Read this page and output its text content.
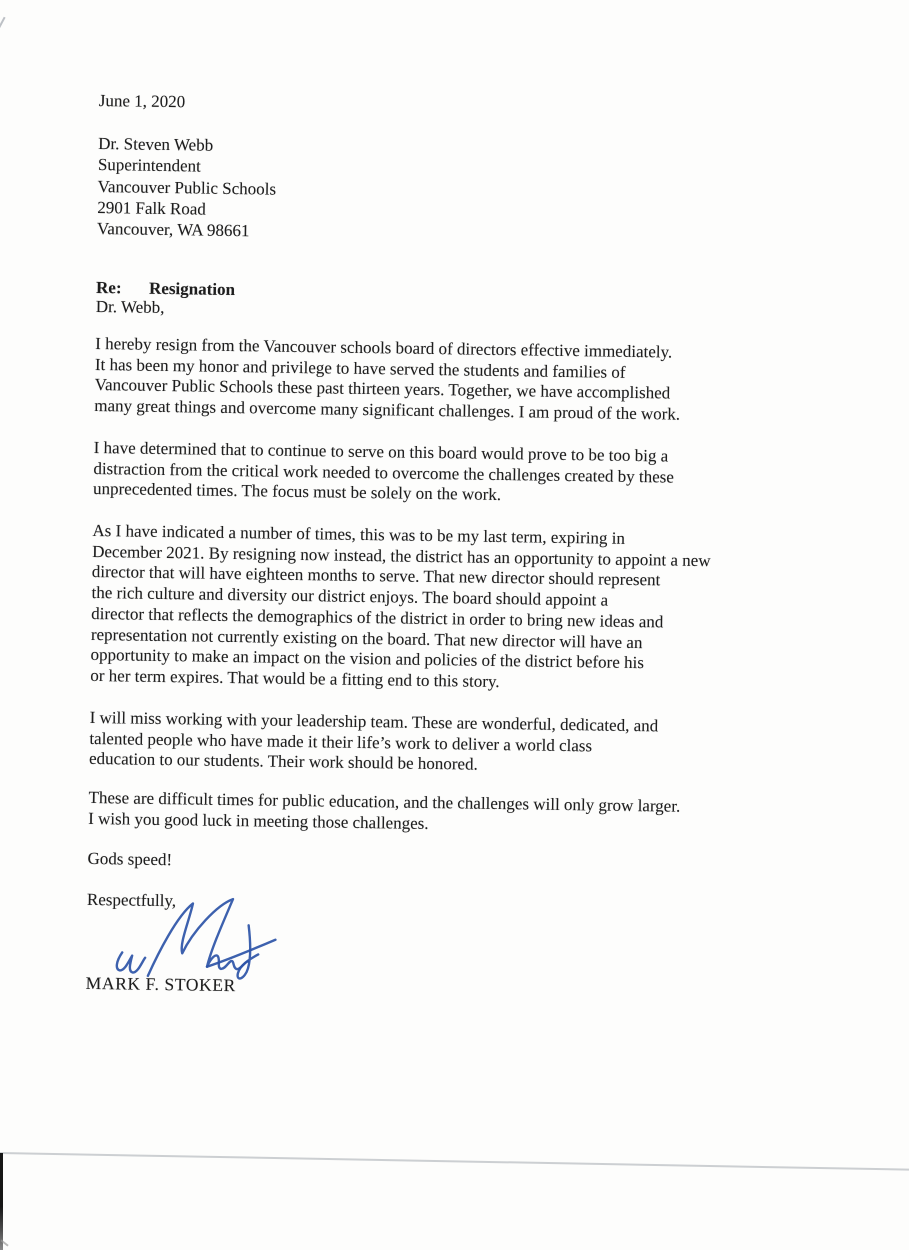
June 1, 2020
Dr. Steven Webb
Superintendent
Vancouver Public Schools
2901 Falk Road
Vancouver, WA 98661

Re: Resignation

Dr. Webb,
I hereby resign from the Vancouver schools board of directors effective immediately.
It has been my honor and privilege to have served the students and families of
Vancouver Public Schools these past thirteen years. Together, we have accomplished
many great things and overcome many significant challenges. I am proud of the work.
I have determined that to continue to serve on this board would prove to be too big a
distraction from the critical work needed to overcome the challenges created by these
unprecedented times. The focus must be solely on the work.
As I have indicated a number of times, this was to be my last term, expiring in
December 2021. By resigning now instead, the district has an opportunity to appoint a new
director that will have eighteen months to serve. That new director should represent
the rich culture and diversity our district enjoys. The board should appoint a
director that reflects the demographics of the district in order to bring new ideas and
representation not currently existing on the board. That new director will have an
opportunity to make an impact on the vision and policies of the district before his
or her term expires. That would be a fitting end to this story.
I will miss working with your leadership team. These are wonderful, dedicated, and
talented people who have made it their life’s work to deliver a world class
education to our students. Their work should be honored.
These are difficult times for public education, and the challenges will only grow larger.
I wish you good luck in meeting those challenges.
Gods speed!
Respectfully,
MARK F. STOKER
